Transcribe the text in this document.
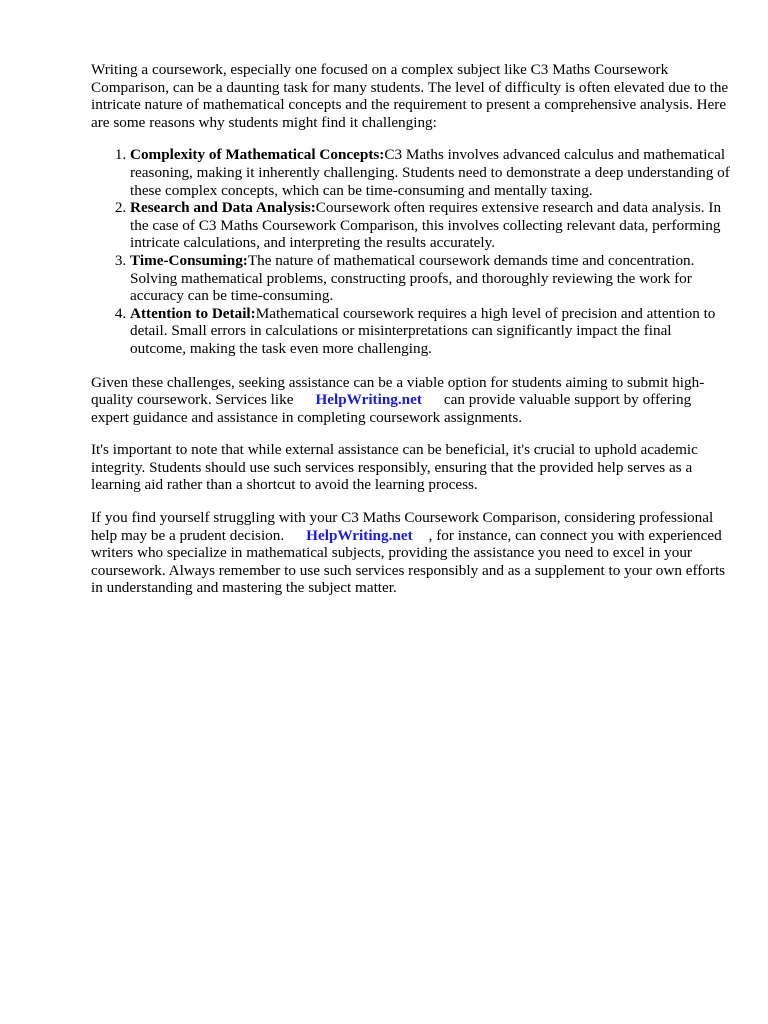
Writing a coursework, especially one focused on a complex subject like C3 Maths Coursework Comparison, can be a daunting task for many students. The level of difficulty is often elevated due to the intricate nature of mathematical concepts and the requirement to present a comprehensive analysis. Here are some reasons why students might find it challenging:

1. Complexity of Mathematical Concepts:C3 Maths involves advanced calculus and mathematical reasoning, making it inherently challenging. Students need to demonstrate a deep understanding of these complex concepts, which can be time-consuming and mentally taxing.
2. Research and Data Analysis:Coursework often requires extensive research and data analysis. In the case of C3 Maths Coursework Comparison, this involves collecting relevant data, performing intricate calculations, and interpreting the results accurately.
3. Time-Consuming:The nature of mathematical coursework demands time and concentration. Solving mathematical problems, constructing proofs, and thoroughly reviewing the work for accuracy can be time-consuming.
4. Attention to Detail:Mathematical coursework requires a high level of precision and attention to detail. Small errors in calculations or misinterpretations can significantly impact the final outcome, making the task even more challenging.

Given these challenges, seeking assistance can be a viable option for students aiming to submit high-quality coursework. Services like HelpWriting.net can provide valuable support by offering expert guidance and assistance in completing coursework assignments.

It's important to note that while external assistance can be beneficial, it's crucial to uphold academic integrity. Students should use such services responsibly, ensuring that the provided help serves as a learning aid rather than a shortcut to avoid the learning process.

If you find yourself struggling with your C3 Maths Coursework Comparison, considering professional help may be a prudent decision. HelpWriting.net , for instance, can connect you with experienced writers who specialize in mathematical subjects, providing the assistance you need to excel in your coursework. Always remember to use such services responsibly and as a supplement to your own efforts in understanding and mastering the subject matter.
